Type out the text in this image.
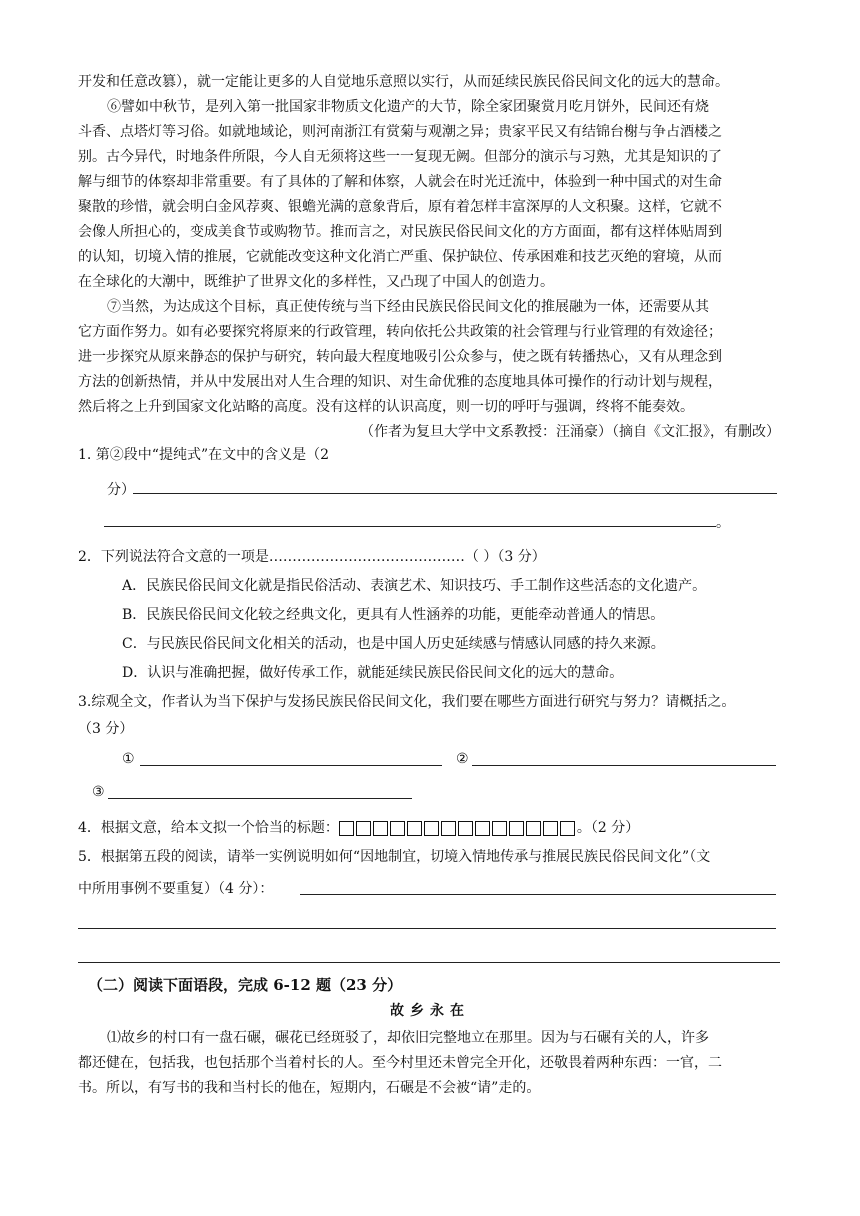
开发和任意改篡），就一定能让更多的人自觉地乐意照以实行，从而延续民族民俗民间文化的远大的慧命。
⑥譬如中秋节，是列入第一批国家非物质文化遗产的大节，除全家团聚赏月吃月饼外，民间还有烧
斗香、点塔灯等习俗。如就地域论，则河南浙江有赏菊与观潮之异；贵家平民又有结锦台榭与争占酒楼之
别。古今异代，时地条件所限，今人自无须将这些一一复现无阙。但部分的演示与习熟，尤其是知识的了
解与细节的体察却非常重要。有了具体的了解和体察，人就会在时光迁流中，体验到一种中国式的对生命
聚散的珍惜，就会明白金风荐爽、银蟾光满的意象背后，原有着怎样丰富深厚的人文积聚。这样，它就不
会像人所担心的，变成美食节或购物节。推而言之，对民族民俗民间文化的方方面面，都有这样体贴周到
的认知，切境入情的推展，它就能改变这种文化消亡严重、保护缺位、传承困难和技艺灭绝的窘境，从而
在全球化的大潮中，既维护了世界文化的多样性，又凸现了中国人的创造力。
⑦当然，为达成这个目标，真正使传统与当下经由民族民俗民间文化的推展融为一体，还需要从其
它方面作努力。如有必要探究将原来的行政管理，转向依托公共政策的社会管理与行业管理的有效途径；
进一步探究从原来静态的保护与研究，转向最大程度地吸引公众参与，使之既有转播热心，又有从理念到
方法的创新热情，并从中发展出对人生合理的知识、对生命优雅的态度地具体可操作的行动计划与规程，
然后将之上升到国家文化站略的高度。没有这样的认识高度，则一切的呼吁与强调，终将不能奏效。
（作者为复旦大学中文系教授：汪涌豪）（摘自《文汇报》，有删改）
1. 第②段中“提纯式”在文中的含义是（2
分）
。
2．下列说法符合文意的一项是……………………………………（ ）（3 分）
A．民族民俗民间文化就是指民俗活动、表演艺术、知识技巧、手工制作这些活态的文化遗产。
B．民族民俗民间文化较之经典文化，更具有人性涵养的功能，更能牵动普通人的情思。
C．与民族民俗民间文化相关的活动，也是中国人历史延续感与情感认同感的持久来源。
D．认识与准确把握，做好传承工作，就能延续民族民俗民间文化的远大的慧命。
3.综观全文，作者认为当下保护与发扬民族民俗民间文化，我们要在哪些方面进行研究与努力？请概括之。
（3 分）
①	②
③
4．根据文意，给本文拟一个恰当的标题：	。（2 分）
5．根据第五段的阅读，请举一实例说明如何“因地制宜，切境入情地传承与推展民族民俗民间文化”（文
中所用事例不要重复）（4 分）：
（二）阅读下面语段，完成 6-12 题（23 分）
故乡永在
⑴故乡的村口有一盘石碾，碾花已经斑驳了，却依旧完整地立在那里。因为与石碾有关的人，许多
都还健在，包括我，也包括那个当着村长的人。至今村里还未曾完全开化，还敬畏着两种东西：一官，二
书。所以，有写书的我和当村长的他在，短期内，石碾是不会被“请”走的。
